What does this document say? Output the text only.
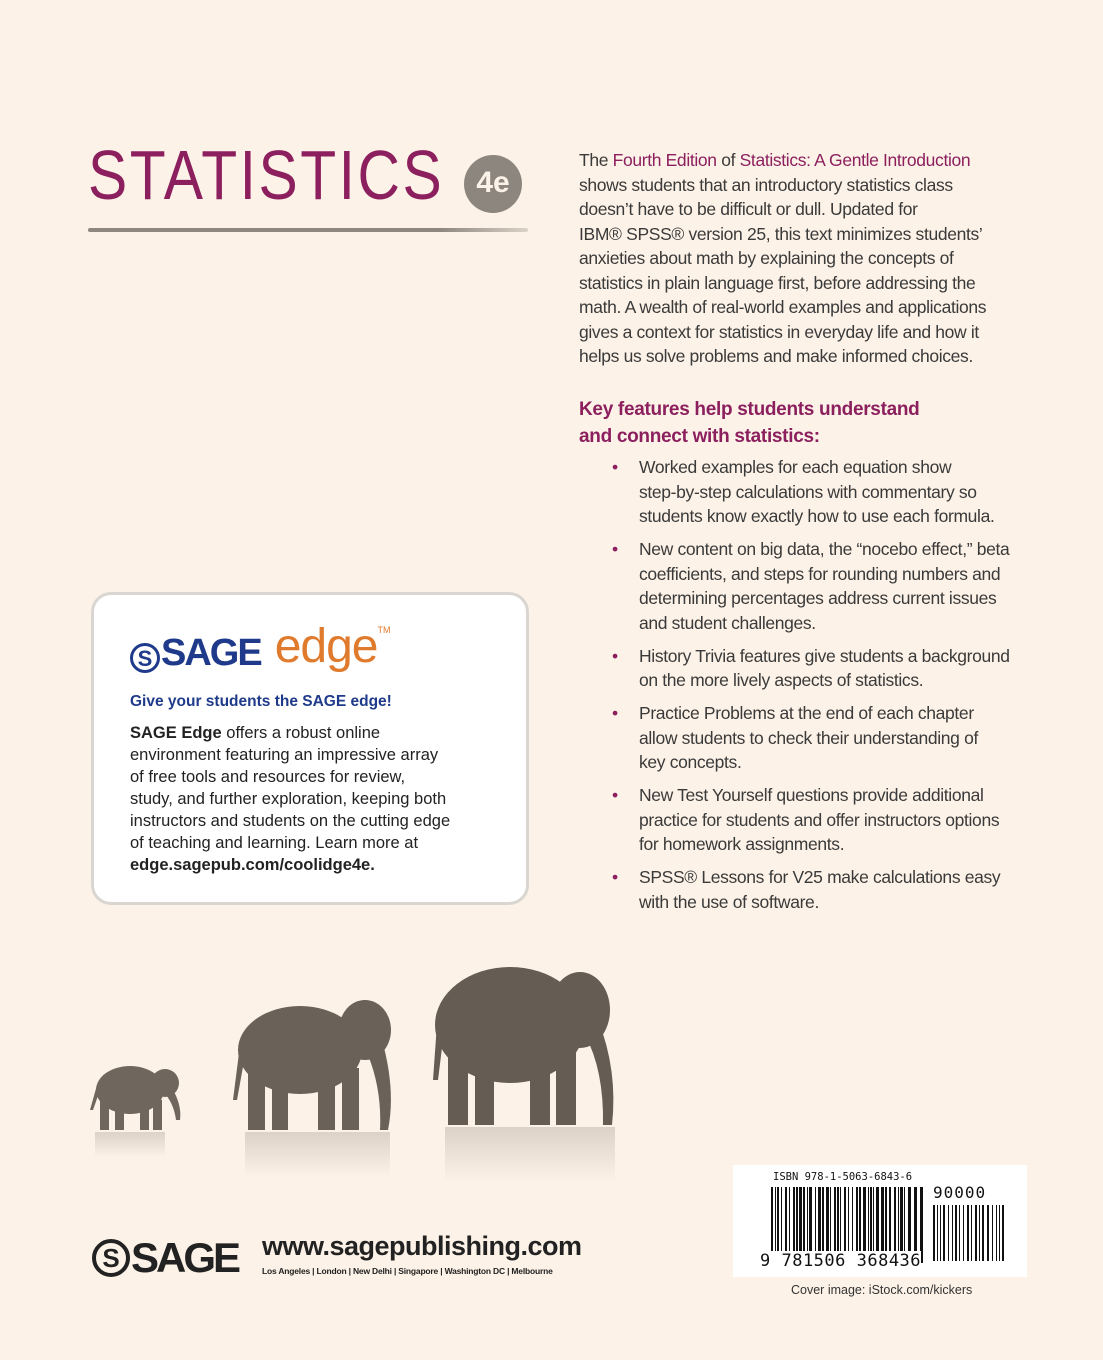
STATISTICS	4e
The Fourth Edition of Statistics: A Gentle Introduction
shows students that an introductory statistics class
doesn’t have to be difficult or dull. Updated for
IBM® SPSS® version 25, this text minimizes students’
anxieties about math by explaining the concepts of
statistics in plain language first, before addressing the
math. A wealth of real-world examples and applications
gives a context for statistics in everyday life and how it
helps us solve problems and make informed choices.
Key features help students understand
and connect with statistics:
• Worked examples for each equation show
step-by-step calculations with commentary so
students know exactly how to use each formula.
• New content on big data, the “nocebo effect,” beta
coefficients, and steps for rounding numbers and
determining percentages address current issues
and student challenges.
• History Trivia features give students a background
on the more lively aspects of statistics.
• Practice Problems at the end of each chapter
allow students to check their understanding of
key concepts.
• New Test Yourself questions provide additional
practice for students and offer instructors options
for homework assignments.
• SPSS® Lessons for V25 make calculations easy
with the use of software.
S SAGE edge TM
Give your students the SAGE edge!
SAGE Edge offers a robust online
environment featuring an impressive array
of free tools and resources for review,
study, and further exploration, keeping both
instructors and students on the cutting edge
of teaching and learning. Learn more at
edge.sagepub.com/coolidge4e.
S SAGE www.sagepublishing.com
Los Angeles | London | New Delhi | Singapore | Washington DC | Melbourne
ISBN 978-1-5063-6843-6
90000
9 781506 368436
Cover image: iStock.com/kickers
